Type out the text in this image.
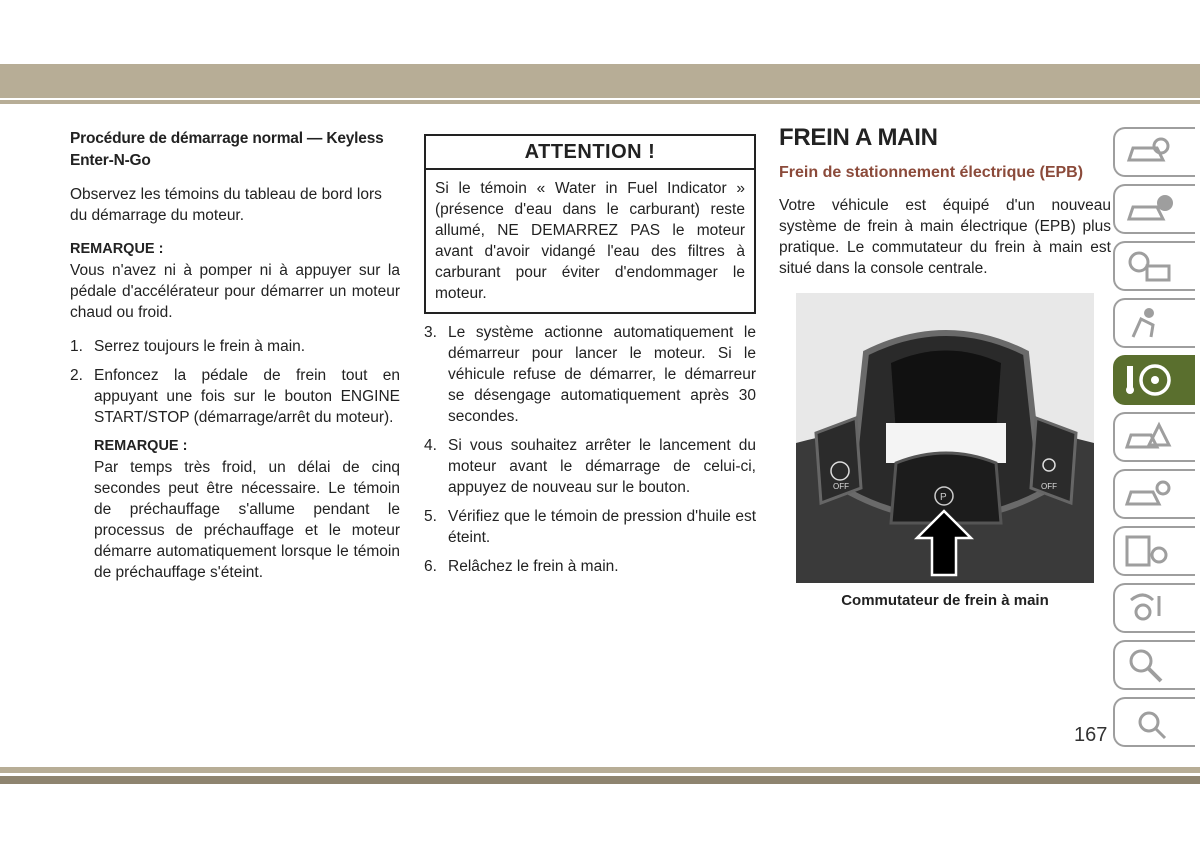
Procédure de démarrage normal — Keyless Enter-N-Go

Observez les témoins du tableau de bord lors du démarrage du moteur.

REMARQUE :

Vous n'avez ni à pomper ni à appuyer sur la pédale d'accélérateur pour démarrer un moteur chaud ou froid.

1. Serrez toujours le frein à main.
2. Enfoncez la pédale de frein tout en appuyant une fois sur le bouton ENGINE START/STOP (démarrage/arrêt du moteur).
REMARQUE :

Par temps très froid, un délai de cinq secondes peut être nécessaire. Le témoin de préchauffage s'allume pendant le processus de préchauffage et le moteur démarre automatiquement lorsque le témoin de préchauffage s'éteint.

ATTENTION !
Si le témoin « Water in Fuel Indicator » (présence d'eau dans le carburant) reste allumé, NE DEMARREZ PAS le moteur avant d'avoir vidangé l'eau des filtres à carburant pour éviter d'endommager le moteur.
3. Le système actionne automatiquement le démarreur pour lancer le moteur. Si le véhicule refuse de démarrer, le démarreur se désengage automatiquement après 30 secondes.
4. Si vous souhaitez arrêter le lancement du moteur avant le démarrage de celui-ci, appuyez de nouveau sur le bouton.
5. Vérifiez que le témoin de pression d'huile est éteint.
6. Relâchez le frein à main.
FREIN A MAIN
Frein de stationnement électrique (EPB)

Votre véhicule est équipé d'un nouveau système de frein à main électrique (EPB) plus pratique. Le commutateur du frein à main est situé dans la console centrale.

OFF	OFF
P
Commutateur de frein à main
167
